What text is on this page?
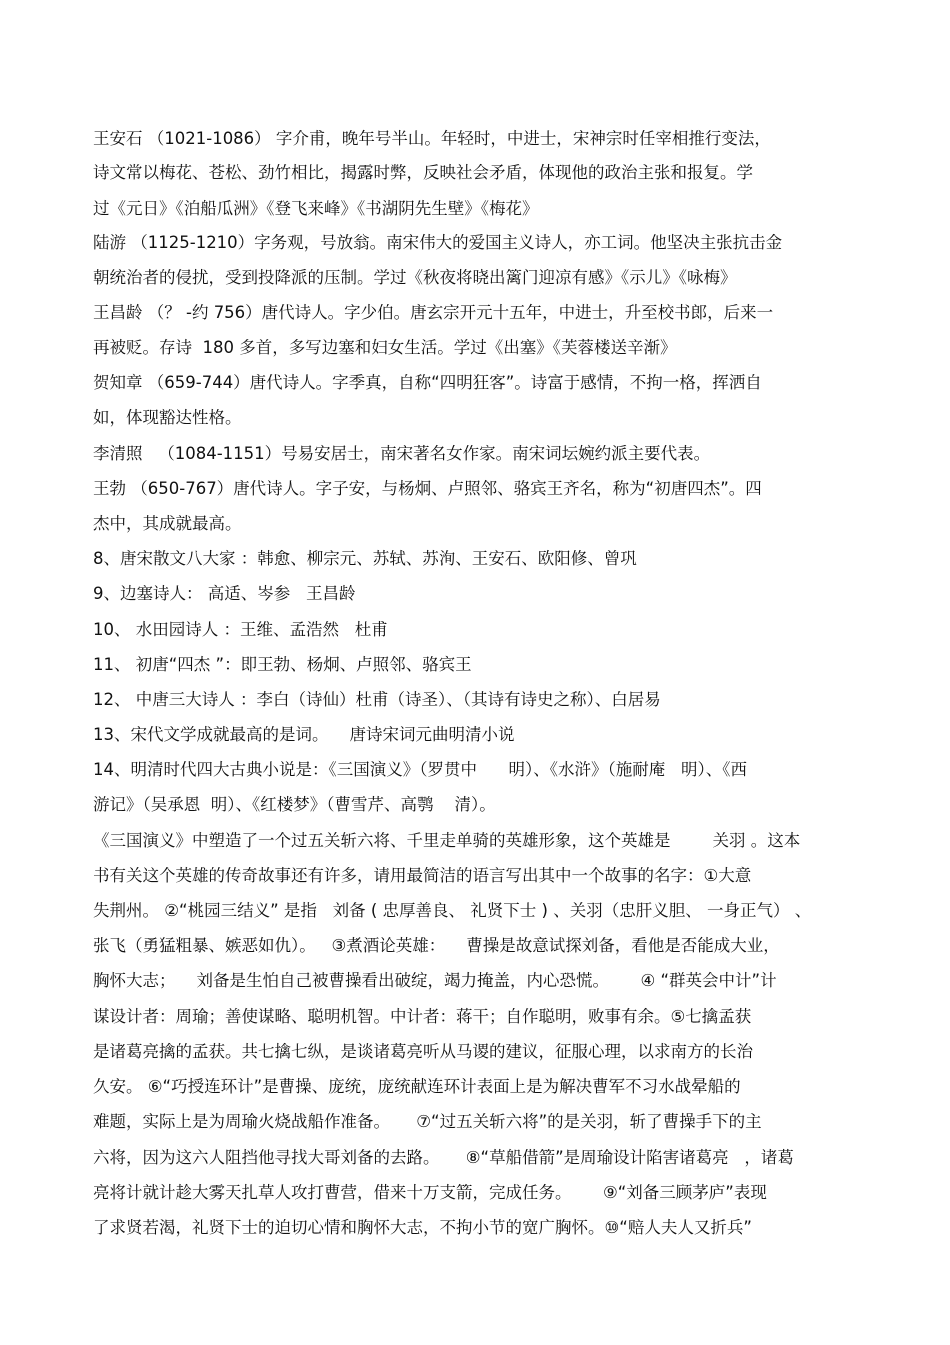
王安石 （1021-1086） 字介甫，晚年号半山。年轻时，中进士，宋神宗时任宰相推行变法，
诗文常以梅花、苍松、劲竹相比，揭露时弊，反映社会矛盾，体现他的政治主张和报复。学
过《元日》《泊船瓜洲》《登飞来峰》《书湖阴先生壁》《梅花》
陆游 （1125-1210）字务观，号放翁。南宋伟大的爱国主义诗人，亦工词。他坚决主张抗击金
朝统治者的侵扰，受到投降派的压制。学过《秋夜将晓出篱门迎凉有感》《示儿》《咏梅》
王昌龄 （？ -约 756）唐代诗人。字少伯。唐玄宗开元十五年，中进士，升至校书郎，后来一
再被贬。存诗  180 多首，多写边塞和妇女生活。学过《出塞》《芙蓉楼送辛渐》
贺知章 （659-744）唐代诗人。字季真，自称“四明狂客”。诗富于感情，不拘一格，挥洒自
如，体现豁达性格。
李清照   （1084-1151）号易安居士，南宋著名女作家。南宋词坛婉约派主要代表。
王勃 （650-767）唐代诗人。字子安，与杨炯、卢照邻、骆宾王齐名，称为“初唐四杰”。四
杰中，其成就最高。
8、唐宋散文八大家 ：韩愈、柳宗元、苏轼、苏洵、王安石、欧阳修、曾巩
9、边塞诗人： 高适、岑参   王昌龄
10、 水田园诗人 ：王维、孟浩然   杜甫
11、 初唐“四杰 ”：即王勃、杨炯、卢照邻、骆宾王
12、 中唐三大诗人 ：李白（诗仙）杜甫（诗圣）、（其诗有诗史之称）、白居易
13、宋代文学成就最高的是词。    唐诗宋词元曲明清小说
14、明清时代四大古典小说是：《三国演义》（罗贯中      明）、《水浒》（施耐庵   明）、《西
游记》（吴承恩  明）、《红楼梦》（曹雪芹、高鹗    清）。
《三国演义》中塑造了一个过五关斩六将、千里走单骑的英雄形象，这个英雄是        关羽 。这本
书有关这个英雄的传奇故事还有许多，请用最简洁的语言写出其中一个故事的名字：①大意
失荆州。 ②“桃园三结义” 是指   刘备 ( 忠厚善良、 礼贤下士 ) 、关羽（忠肝义胆、 一身正气） 、
张飞（勇猛粗暴、嫉恶如仇）。   ③煮酒论英雄：    曹操是故意试探刘备，看他是否能成大业，
胸怀大志；    刘备是生怕自己被曹操看出破绽，竭力掩盖，内心恐慌。      ④ “群英会中计”计
谋设计者：周瑜；善使谋略、聪明机智。中计者：蒋干；自作聪明，败事有余。⑤七擒孟获
是诸葛亮擒的孟获。共七擒七纵，是谈诸葛亮听从马谡的建议，征服心理，以求南方的长治
久安。 ⑥“巧授连环计”是曹操、庞统，庞统献连环计表面上是为解决曹军不习水战晕船的
难题，实际上是为周瑜火烧战船作准备。     ⑦“过五关斩六将”的是关羽，斩了曹操手下的主
六将，因为这六人阻挡他寻找大哥刘备的去路。     ⑧“草船借箭”是周瑜设计陷害诸葛亮   ，诸葛
亮将计就计趁大雾天扎草人攻打曹营，借来十万支箭，完成任务。      ⑨“刘备三顾茅庐”表现
了求贤若渴，礼贤下士的迫切心情和胸怀大志，不拘小节的宽广胸怀。⑩“赔人夫人又折兵”
